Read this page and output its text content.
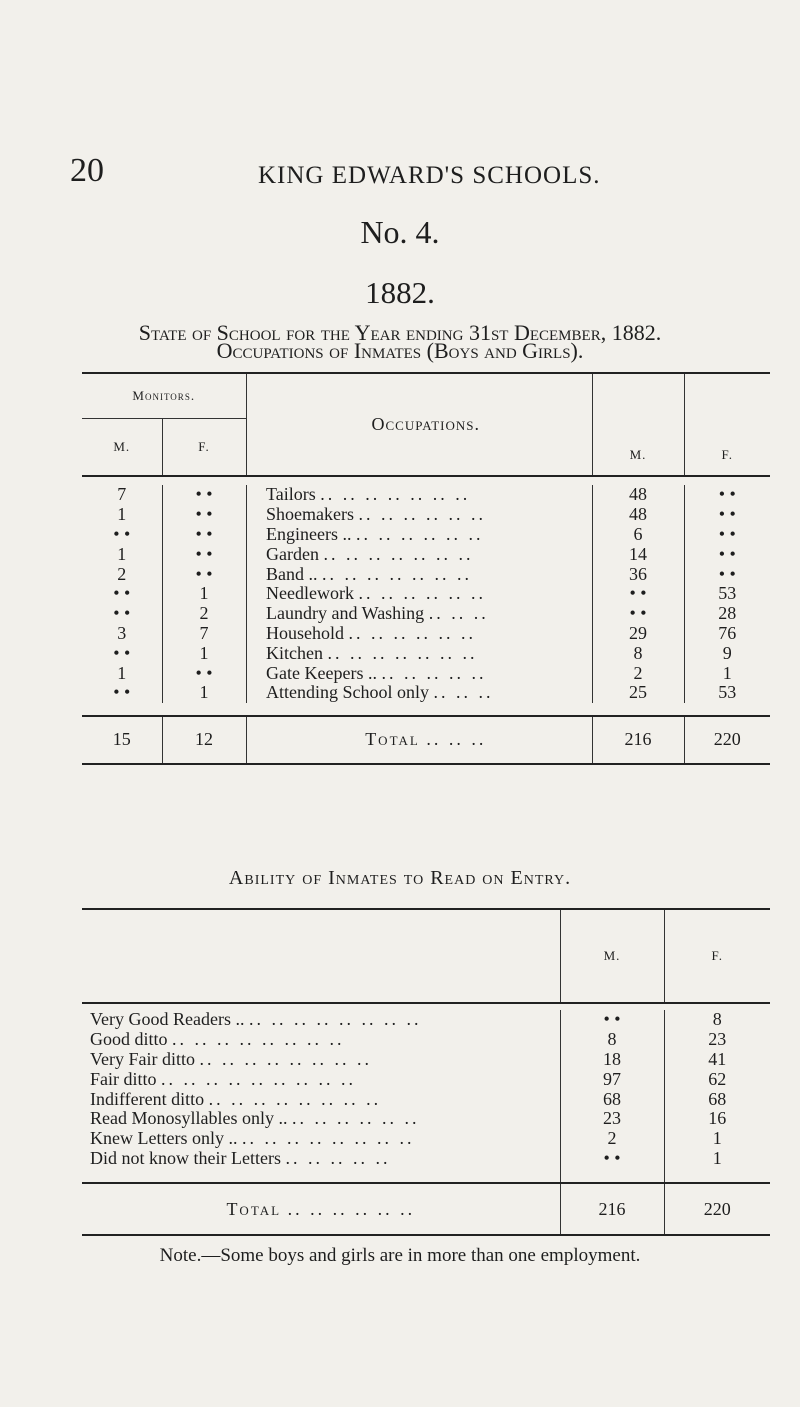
20	KING EDWARD'S SCHOOLS.
No. 4.
1882.
State of School for the Year ending 31st December, 1882.
Occupations of Inmates (Boys and Girls).
Monitors.			Occupations.	M.	F.
M.	F.				

7	• •		Tailors .. .. .. .. .. .. ..	48	• •
1	• •		Shoemakers .. .. .. .. .. ..	48	• •
• •	• •		Engineers .. .. .. .. .. .. ..	6	• •
1	• •		Garden .. .. .. .. .. .. ..	14	• •
2	• •		Band .. .. .. .. .. .. .. ..	36	• •
• •	1		Needlework .. .. .. .. .. ..	• •	53
• •	2		Laundry and Washing .. .. ..	• •	28
3	7		Household .. .. .. .. .. ..	29	76
• •	1		Kitchen .. .. .. .. .. .. ..	8	9
1	• •		Gate Keepers .. .. .. .. .. ..	2	1
• •	1		Attending School only .. .. ..	25	53

15	12		Total .. .. ..	216	220

Ability of Inmates to Read on Entry.
	M.	F.

Very Good Readers .. .. .. .. .. .. .. .. ..	• •	8
Good ditto .. .. .. .. .. .. .. ..	8	23
Very Fair ditto .. .. .. .. .. .. .. ..	18	41
Fair ditto .. .. .. .. .. .. .. .. ..	97	62
Indifferent ditto .. .. .. .. .. .. .. ..	68	68
Read Monosyllables only .. .. .. .. .. .. ..	23	16
Knew Letters only .. .. .. .. .. .. .. .. ..	2	1
Did not know their Letters .. .. .. .. ..	• •	1

Total .. .. .. .. .. ..	216	220

Note.—Some boys and girls are in more than one employment.
